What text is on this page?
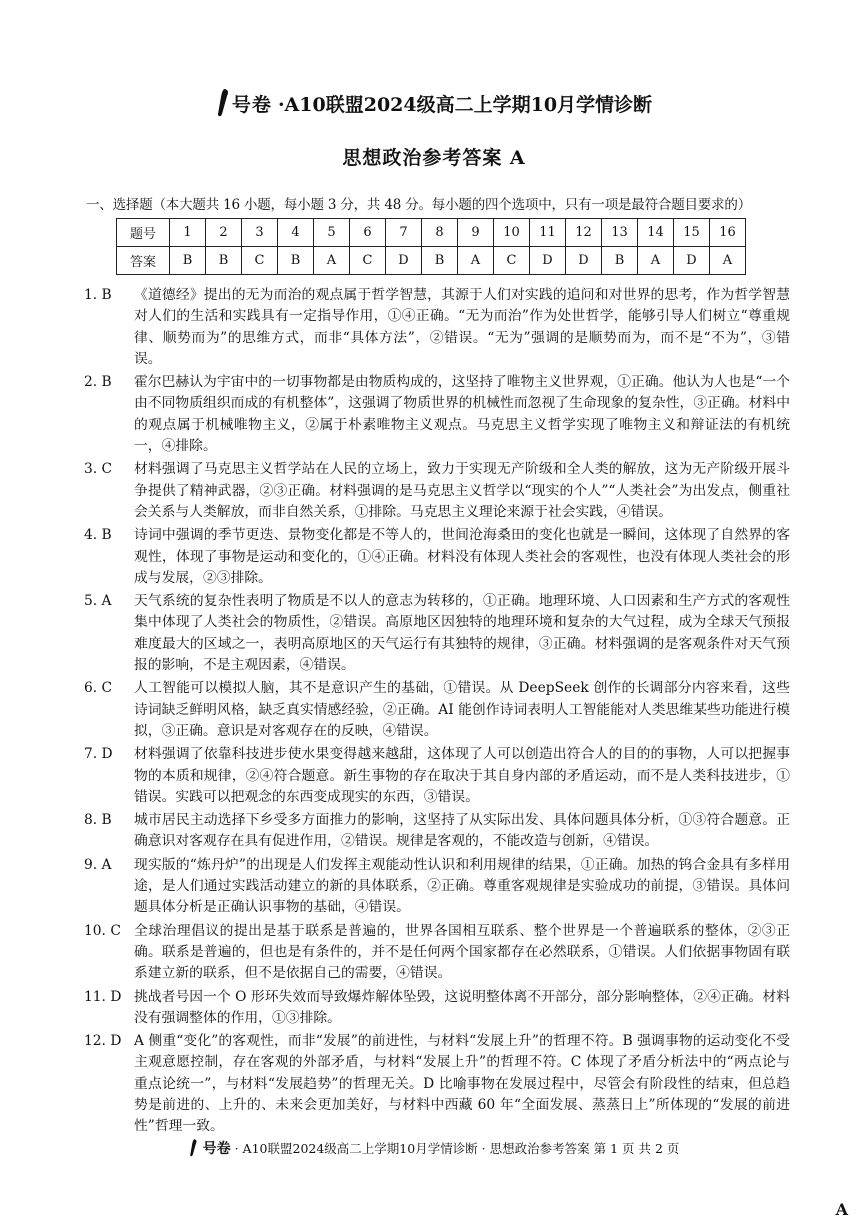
号卷 ·A10联盟2024级高二上学期10月学情诊断
思想政治参考答案 A
一、选择题（本大题共 16 小题，每小题 3 分，共 48 分。每小题的四个选项中，只有一项是最符合题目要求的）
题号	1	2	3	4	5	6	7	8	9	10	11	12	13	14	15	16
答案	B	B	C	B	A	C	D	B	A	C	D	D	B	A	D	A
1. B	《道德经》提出的无为而治的观点属于哲学智慧，其源于人们对实践的追问和对世界的思考，作为哲学智慧对人们的生活和实践具有一定指导作用，①④正确。“无为而治”作为处世哲学，能够引导人们树立“尊重规律、顺势而为”的思维方式，而非“具体方法”，②错误。“无为”强调的是顺势而为，而不是“不为”，③错误。
2. B	霍尔巴赫认为宇宙中的一切事物都是由物质构成的，这坚持了唯物主义世界观，①正确。他认为人也是“一个由不同物质组织而成的有机整体”，这强调了物质世界的机械性而忽视了生命现象的复杂性，③正确。材料中的观点属于机械唯物主义，②属于朴素唯物主义观点。马克思主义哲学实现了唯物主义和辩证法的有机统一，④排除。
3. C	材料强调了马克思主义哲学站在人民的立场上，致力于实现无产阶级和全人类的解放，这为无产阶级开展斗争提供了精神武器，②③正确。材料强调的是马克思主义哲学以“现实的个人”“人类社会”为出发点，侧重社会关系与人类解放，而非自然关系，①排除。马克思主义理论来源于社会实践，④错误。
4. B	诗词中强调的季节更迭、景物变化都是不等人的，世间沧海桑田的变化也就是一瞬间，这体现了自然界的客观性，体现了事物是运动和变化的，①④正确。材料没有体现人类社会的客观性，也没有体现人类社会的形成与发展，②③排除。
5. A	天气系统的复杂性表明了物质是不以人的意志为转移的，①正确。地理环境、人口因素和生产方式的客观性集中体现了人类社会的物质性，②错误。高原地区因独特的地理环境和复杂的大气过程，成为全球天气预报难度最大的区域之一，表明高原地区的天气运行有其独特的规律，③正确。材料强调的是客观条件对天气预报的影响，不是主观因素，④错误。
6. C	人工智能可以模拟人脑，其不是意识产生的基础，①错误。从 DeepSeek 创作的长调部分内容来看，这些诗词缺乏鲜明风格，缺乏真实情感经验，②正确。AI 能创作诗词表明人工智能能对人类思维某些功能进行模拟，③正确。意识是对客观存在的反映，④错误。
7. D	材料强调了依靠科技进步使水果变得越来越甜，这体现了人可以创造出符合人的目的的事物，人可以把握事物的本质和规律，②④符合题意。新生事物的存在取决于其自身内部的矛盾运动，而不是人类科技进步，①错误。实践可以把观念的东西变成现实的东西，③错误。
8. B	城市居民主动选择下乡受多方面推力的影响，这坚持了从实际出发、具体问题具体分析，①③符合题意。正确意识对客观存在具有促进作用，②错误。规律是客观的，不能改造与创新，④错误。
9. A	现实版的“炼丹炉”的出现是人们发挥主观能动性认识和利用规律的结果，①正确。加热的钨合金具有多样用途，是人们通过实践活动建立的新的具体联系，②正确。尊重客观规律是实验成功的前提，③错误。具体问题具体分析是正确认识事物的基础，④错误。
10. C 全球治理倡议的提出是基于联系是普遍的，世界各国相互联系、整个世界是一个普遍联系的整体，②③正确。联系是普遍的，但也是有条件的，并不是任何两个国家都存在必然联系，①错误。人们依据事物固有联系建立新的联系，但不是依据自己的需要，④错误。
11. D 挑战者号因一个 O 形环失效而导致爆炸解体坠毁，这说明整体离不开部分，部分影响整体，②④正确。材料没有强调整体的作用，①③排除。
12. D A 侧重“变化”的客观性，而非“发展”的前进性，与材料“发展上升”的哲理不符。B 强调事物的运动变化不受主观意愿控制，存在客观的外部矛盾，与材料“发展上升”的哲理不符。C 体现了矛盾分析法中的“两点论与重点论统一”，与材料“发展趋势”的哲理无关。D 比喻事物在发展过程中，尽管会有阶段性的结束，但总趋势是前进的、上升的、未来会更加美好，与材料中西藏 60 年“全面发展、蒸蒸日上”所体现的“发展的前进性”哲理一致。
号卷 · A10联盟2024级高二上学期10月学情诊断 · 思想政治参考答案 第 1 页 共 2 页
A
